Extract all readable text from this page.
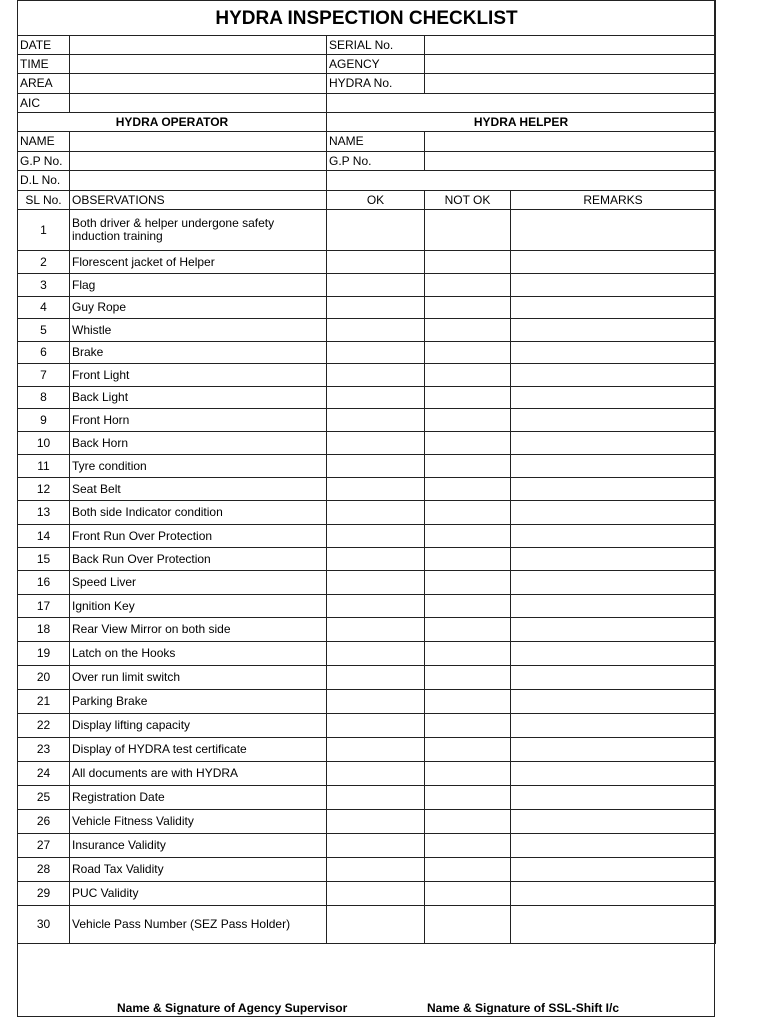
HYDRA INSPECTION CHECKLIST				
DATE		SERIAL No.	
TIME		AGENCY	
AREA		HYDRA No.	
AIC		
HYDRA OPERATOR		HYDRA HELPER		
NAME		NAME	
G.P No.		G.P No.	
D.L No.		
SL No.	OBSERVATIONS	OK	NOT OK	REMARKS
1	Both driver & helper undergone safety induction training			
2	Florescent jacket of Helper			
3	Flag			
4	Guy Rope			
5	Whistle			
6	Brake			
7	Front Light			
8	Back Light			
9	Front Horn			
10	Back Horn			
11	Tyre condition			
12	Seat Belt			
13	Both side Indicator condition			
14	Front Run Over Protection			
15	Back Run Over Protection			
16	Speed Liver			
17	Ignition Key			
18	Rear View Mirror on both side			
19	Latch on the Hooks			
20	Over run limit switch			
21	Parking Brake			
22	Display lifting capacity			
23	Display of HYDRA test certificate			
24	All documents are with HYDRA			
25	Registration Date			
26	Vehicle Fitness Validity			
27	Insurance Validity			
28	Road Tax Validity			
29	PUC Validity			
30	Vehicle Pass Number (SEZ Pass Holder)			
Name & Signature of Agency Supervisor	Name & Signature of SSL-Shift I/c
